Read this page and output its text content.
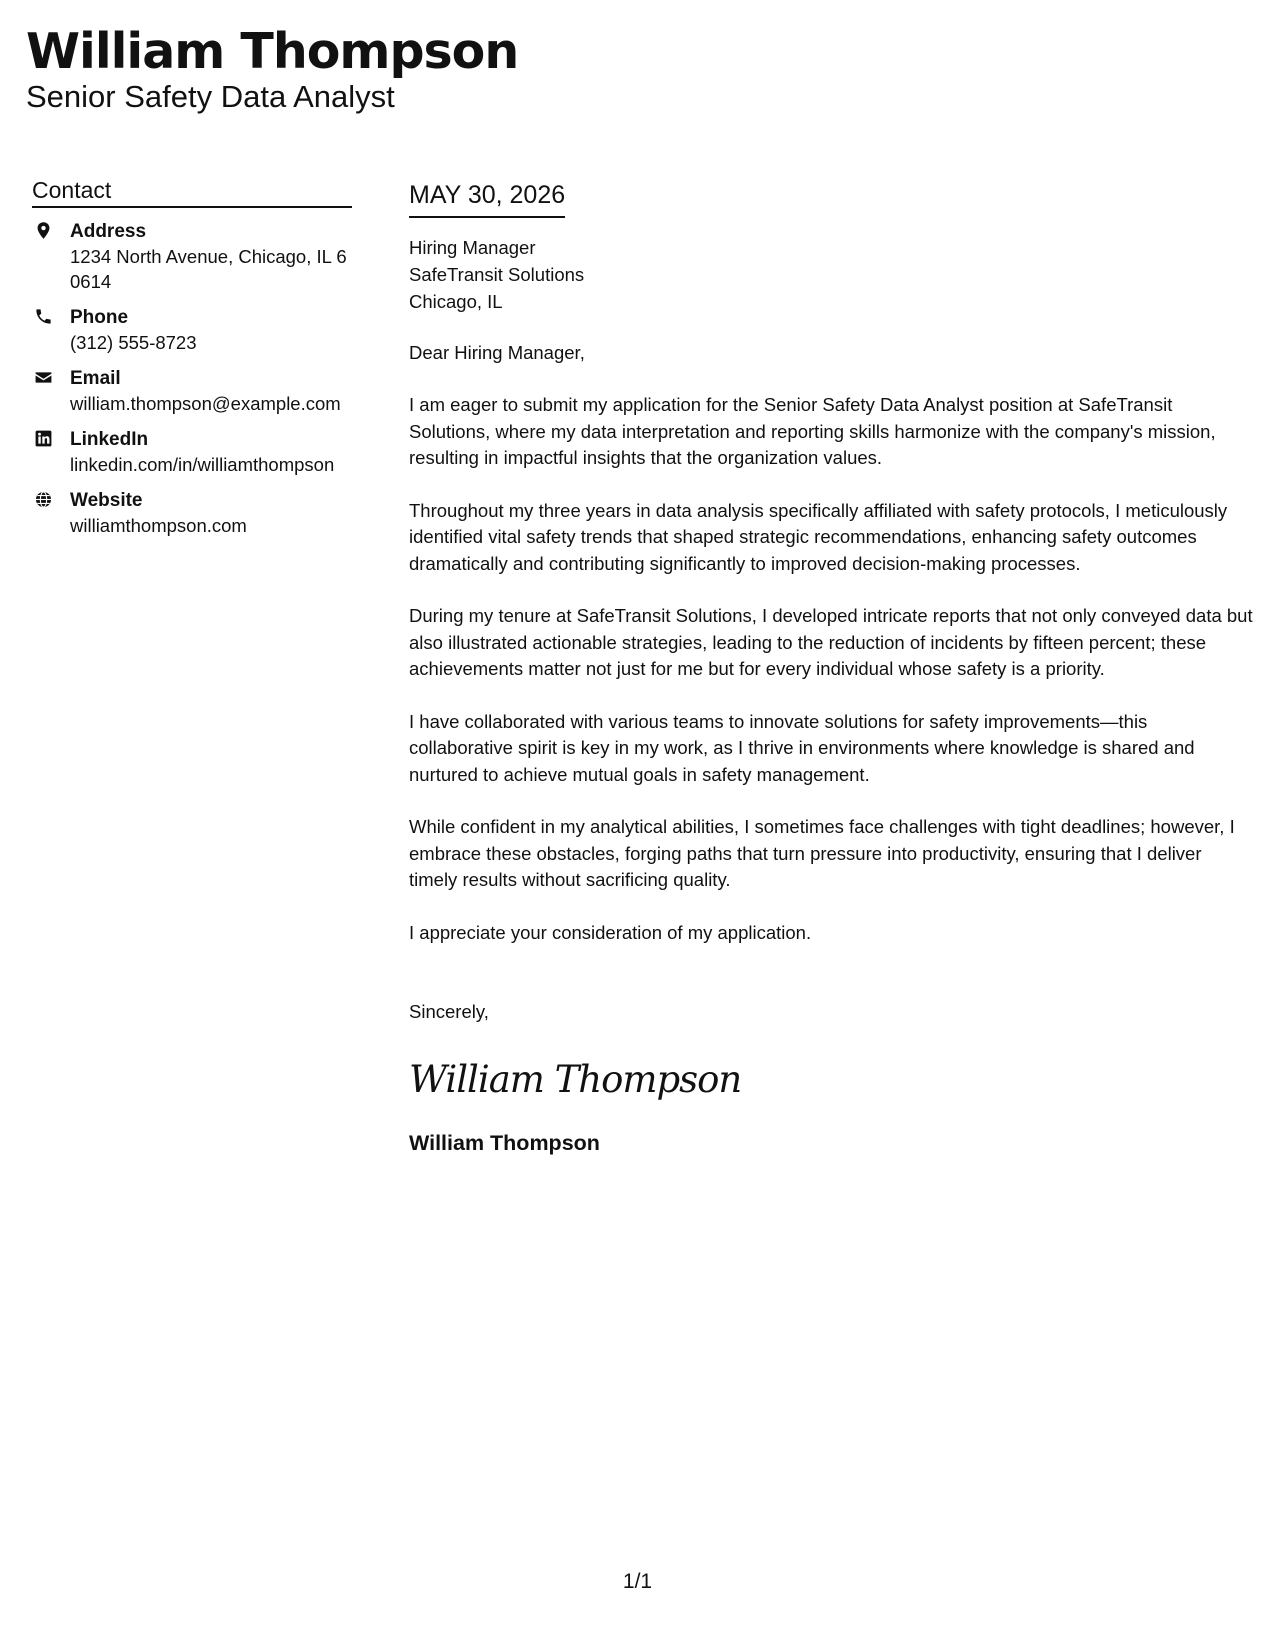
William Thompson
Senior Safety Data Analyst
Contact
Address
1234 North Avenue, Chicago, IL 60614
Phone
(312) 555-8723
Email
william.thompson@example.com
LinkedIn
linkedin.com/in/williamthompson
Website
williamthompson.com
MAY 30, 2026
Hiring Manager
SafeTransit Solutions
Chicago, IL
Dear Hiring Manager,
I am eager to submit my application for the Senior Safety Data Analyst position at SafeTransit Solutions, where my data interpretation and reporting skills harmonize with the company's mission, resulting in impactful insights that the organization values.
Throughout my three years in data analysis specifically affiliated with safety protocols, I meticulously identified vital safety trends that shaped strategic recommendations, enhancing safety outcomes dramatically and contributing significantly to improved decision-making processes.
During my tenure at SafeTransit Solutions, I developed intricate reports that not only conveyed data but also illustrated actionable strategies, leading to the reduction of incidents by fifteen percent; these achievements matter not just for me but for every individual whose safety is a priority.
I have collaborated with various teams to innovate solutions for safety improvements—this collaborative spirit is key in my work, as I thrive in environments where knowledge is shared and nurtured to achieve mutual goals in safety management.
While confident in my analytical abilities, I sometimes face challenges with tight deadlines; however, I embrace these obstacles, forging paths that turn pressure into productivity, ensuring that I deliver timely results without sacrificing quality.
I appreciate your consideration of my application.
Sincerely,
William Thompson
William Thompson
1/1
